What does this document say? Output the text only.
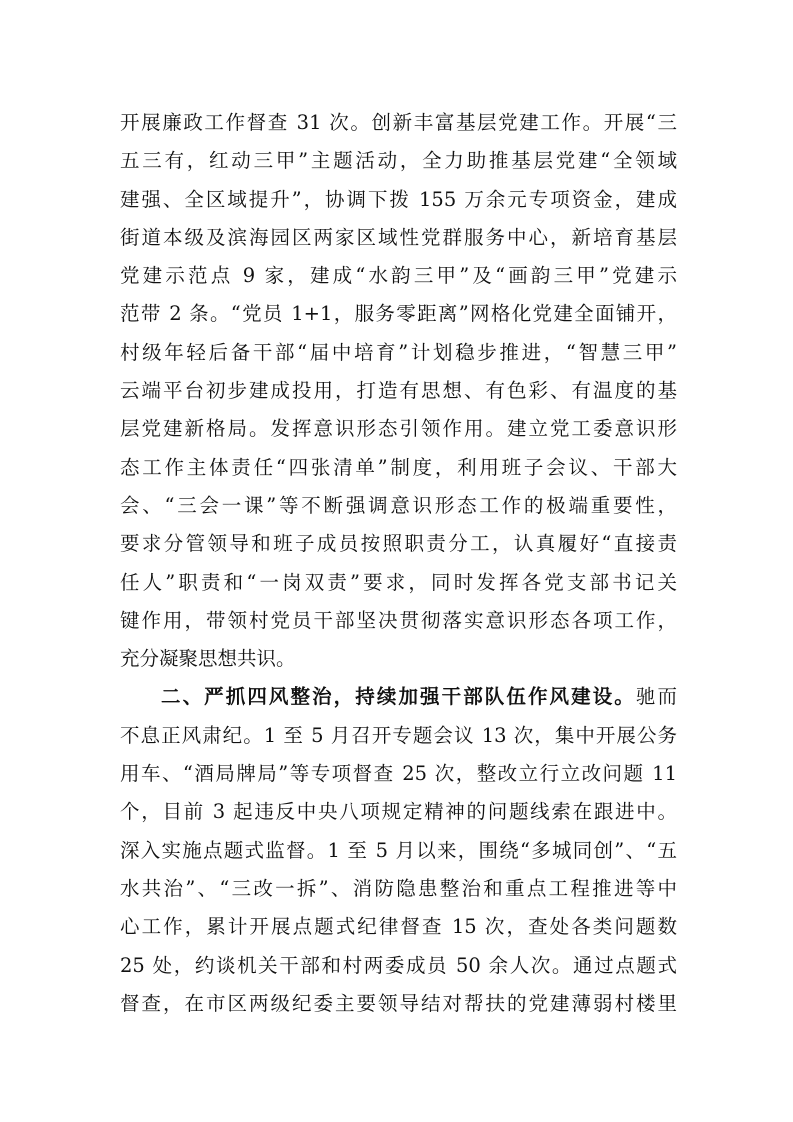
开展廉政工作督查 31 次。创新丰富基层党建工作。开展“三
五三有，红动三甲”主题活动，全力助推基层党建“全领域
建强、全区域提升”，协调下拨 155 万余元专项资金，建成
街道本级及滨海园区两家区域性党群服务中心，新培育基层
党建示范点 9 家，建成“水韵三甲”及“画韵三甲”党建示
范带 2 条。“党员 1+1，服务零距离”网格化党建全面铺开，
村级年轻后备干部“届中培育”计划稳步推进，“智慧三甲”
云端平台初步建成投用，打造有思想、有色彩、有温度的基
层党建新格局。发挥意识形态引领作用。建立党工委意识形
态工作主体责任“四张清单”制度，利用班子会议、干部大
会、“三会一课”等不断强调意识形态工作的极端重要性，
要求分管领导和班子成员按照职责分工，认真履好“直接责
任人”职责和“一岗双责”要求，同时发挥各党支部书记关
键作用，带领村党员干部坚决贯彻落实意识形态各项工作，
充分凝聚思想共识。
二、严抓四风整治，持续加强干部队伍作风建设。驰而
不息正风肃纪。1 至 5 月召开专题会议 13 次，集中开展公务
用车、“酒局牌局”等专项督查 25 次，整改立行立改问题 11
个，目前 3 起违反中央八项规定精神的问题线索在跟进中。
深入实施点题式监督。1 至 5 月以来，围绕“多城同创”、“五
水共治”、“三改一拆”、消防隐患整治和重点工程推进等中
心工作，累计开展点题式纪律督查 15 次，查处各类问题数
25 处，约谈机关干部和村两委成员 50 余人次。通过点题式
督查，在市区两级纪委主要领导结对帮扶的党建薄弱村楼里
